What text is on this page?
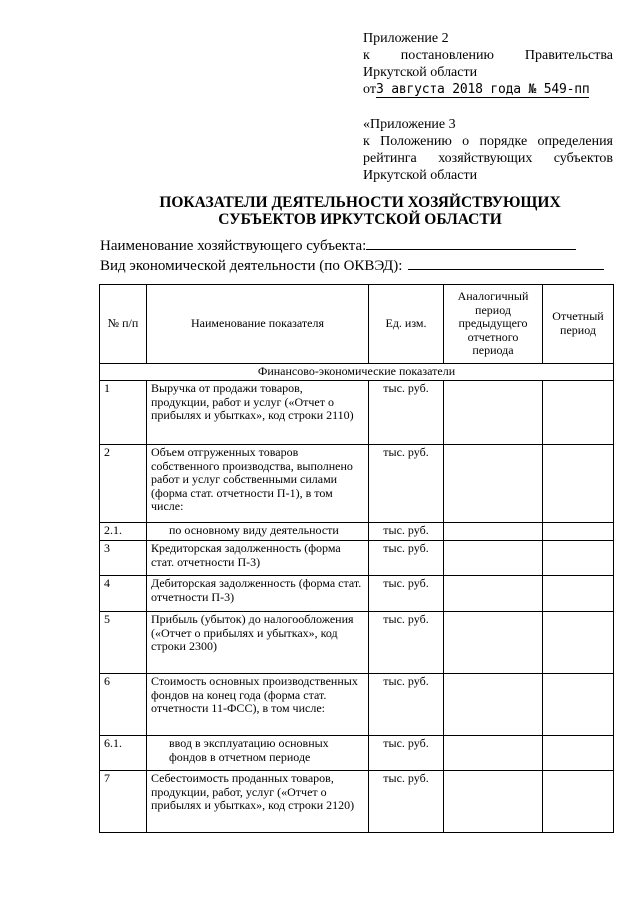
Приложение 2
к постановлению Правительства
Иркутской области
от3 августа 2018 года № 549-пп
«Приложение 3
к Положению о порядке определения
рейтинга хозяйствующих субъектов
Иркутской области
ПОКАЗАТЕЛИ ДЕЯТЕЛЬНОСТИ ХОЗЯЙСТВУЮЩИХ
СУБЪЕКТОВ ИРКУТСКОЙ ОБЛАСТИ
Наименование хозяйствующего субъекта:
Вид экономической деятельности (по ОКВЭД):
№ п/п	Наименование показателя	Ед. изм.	Аналогичный период предыдущего отчетного периода	Отчетный период
Финансово-экономические показатели				
1	Выручка от продажи товаров, продукции, работ и услуг («Отчет о прибылях и убытках», код строки 2110)	тыс. руб.		
2	Объем отгруженных товаров собственного производства, выполнено работ и услуг собственными силами (форма стат. отчетности П-1), в том числе:	тыс. руб.		
2.1.	по основному виду деятельности	тыс. руб.		
3	Кредиторская задолженность (форма стат. отчетности П-3)	тыс. руб.		
4	Дебиторская задолженность (форма стат. отчетности П-3)	тыс. руб.		
5	Прибыль (убыток) до налогообложения («Отчет о прибылях и убытках», код строки 2300)	тыс. руб.		
6	Стоимость основных производственных фондов на конец года (форма стат. отчетности 11-ФСС), в том числе:	тыс. руб.		
6.1.	ввод в эксплуатацию основных фондов в отчетном периоде	тыс. руб.		
7	Себестоимость проданных товаров, продукции, работ, услуг («Отчет о прибылях и убытках», код строки 2120)	тыс. руб.		
